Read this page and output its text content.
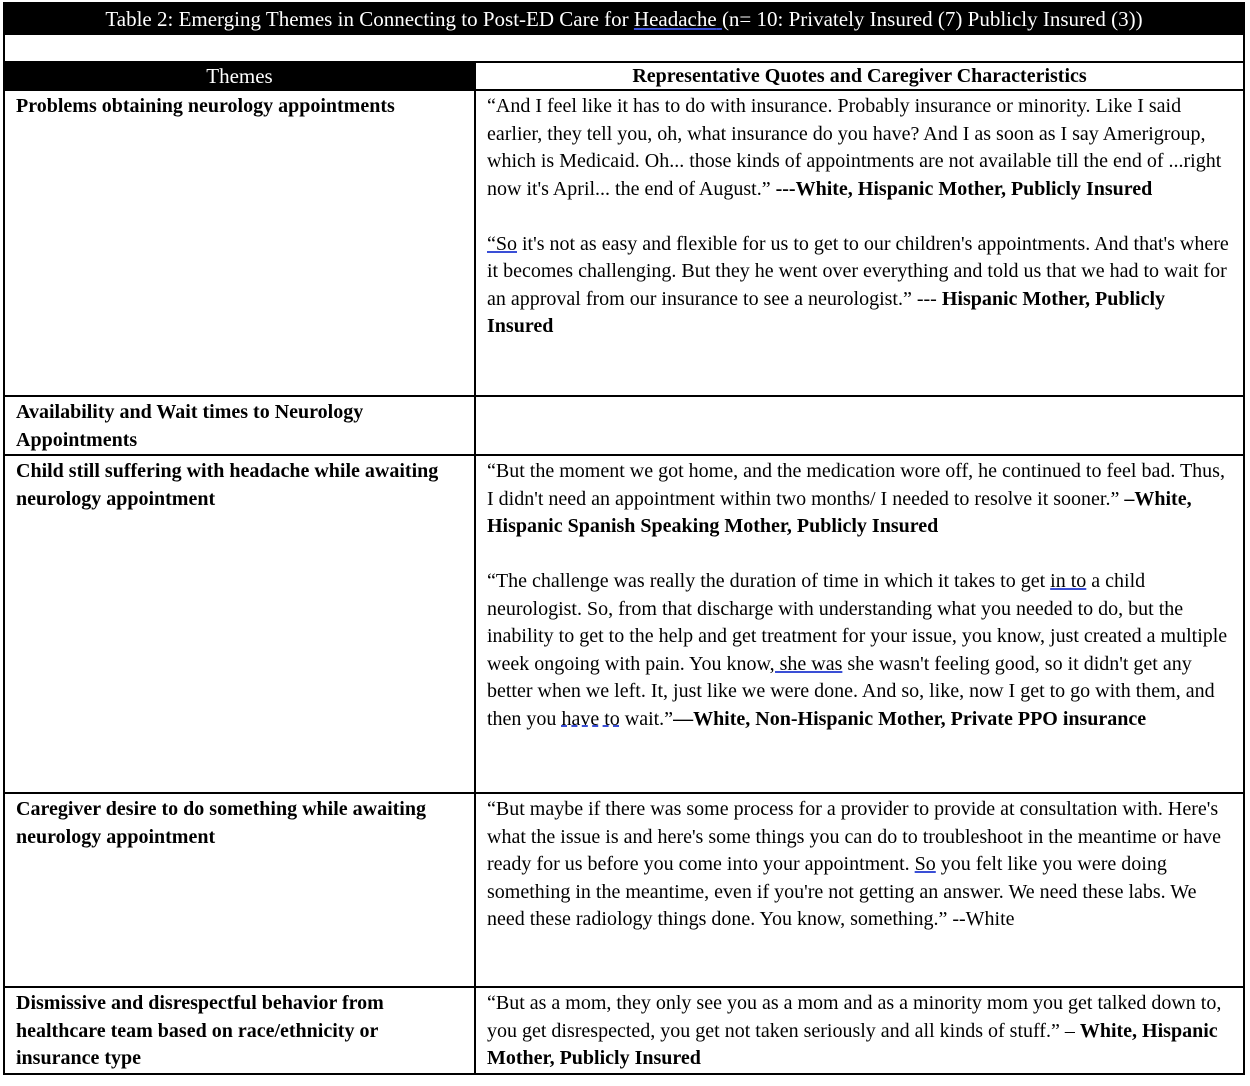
Table 2: Emerging Themes in Connecting to Post-ED Care for Headache (n= 10: Privately Insured (7) Publicly Insured (3))	

Themes	Representative Quotes and Caregiver Characteristics
Problems obtaining neurology appointments	“And I feel like it has to do with insurance. Probably insurance or minority. Like I said earlier, they tell you, oh, what insurance do you have? And I as soon as I say Amerigroup, which is Medicaid. Oh... those kinds of appointments are not available till the end of ...right now it's April... the end of August.” ---White, Hispanic Mother, Publicly Insured

“So it's not as easy and flexible for us to get to our children's appointments. And that's where it becomes challenging. But they he went over everything and told us that we had to wait for an approval from our insurance to see a neurologist.” --- Hispanic Mother, Publicly Insured

Availability and Wait times to Neurology Appointments	
Child still suffering with headache while awaiting neurology appointment	“But the moment we got home, and the medication wore off, he continued to feel bad. Thus, I didn't need an appointment within two months/ I needed to resolve it sooner.” –White, Hispanic Spanish Speaking Mother, Publicly Insured

“The challenge was really the duration of time in which it takes to get in to a child neurologist. So, from that discharge with understanding what you needed to do, but the inability to get to the help and get treatment for your issue, you know, just created a multiple week ongoing with pain. You know, she was she wasn't feeling good, so it didn't get any better when we left. It, just like we were done. And so, like, now I get to go with them, and then you have to wait.”—White, Non-Hispanic Mother, Private PPO insurance

Caregiver desire to do something while awaiting neurology appointment	“But maybe if there was some process for a provider to provide at consultation with. Here's what the issue is and here's some things you can do to troubleshoot in the meantime or have ready for us before you come into your appointment. So you felt like you were doing something in the meantime, even if you're not getting an answer. We need these labs. We need these radiology things done. You know, something.” --White

Dismissive and disrespectful behavior from healthcare team based on race/ethnicity or insurance type	“But as a mom, they only see you as a mom and as a minority mom you get talked down to, you get disrespected, you get not taken seriously and all kinds of stuff.” – White, Hispanic Mother, Publicly Insured
